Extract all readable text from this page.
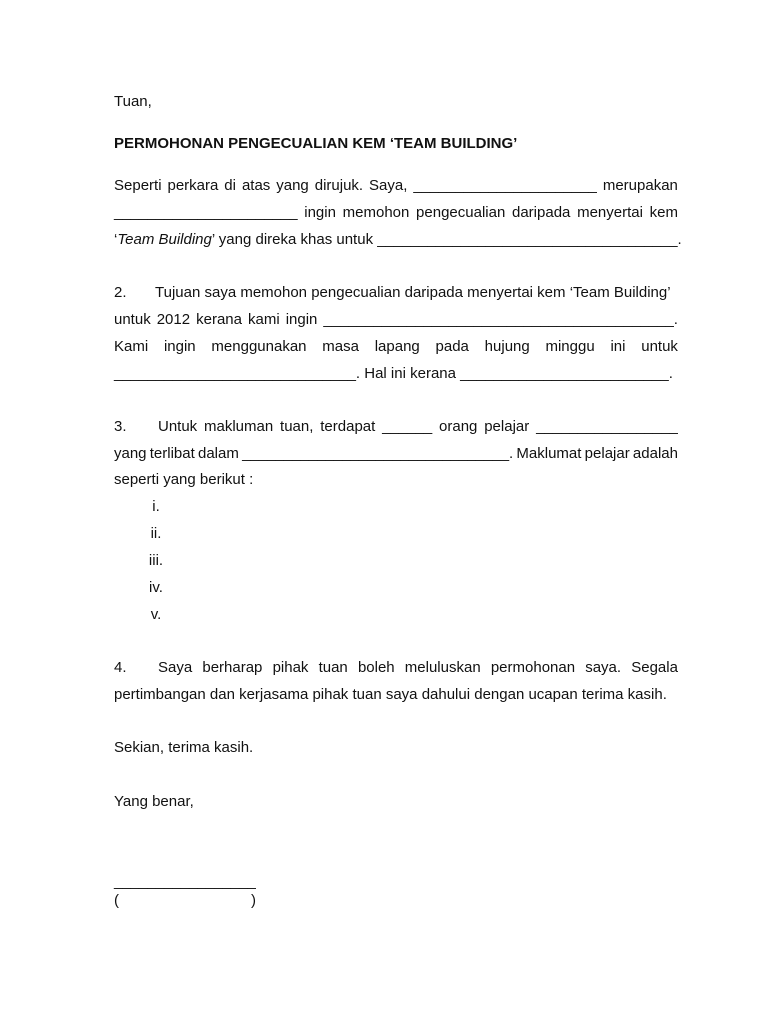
Tuan,
PERMOHONAN PENGECUALIAN KEM ‘TEAM BUILDING’
Seperti perkara di atas yang dirujuk. Saya, ______________________ merupakan
______________________ ingin memohon pengecualian daripada menyertai kem
‘Team Building’ yang direka khas untuk ____________________________________.
2. Tujuan saya memohon pengecualian daripada menyertai kem ‘Team Building’
untuk 2012 kerana kami ingin __________________________________________.
Kami ingin menggunakan masa lapang pada hujung minggu ini untuk
_____________________________. Hal ini kerana _________________________.
3. Untuk makluman tuan, terdapat ______ orang pelajar _________________
yang terlibat dalam ________________________________. Maklumat pelajar adalah
seperti yang berikut :
i.
ii.
iii.
iv.
v.
4. Saya berharap pihak tuan boleh meluluskan permohonan saya. Segala
pertimbangan dan kerjasama pihak tuan saya dahului dengan ucapan terima kasih.
Sekian, terima kasih.
Yang benar,
_________________
(	)
